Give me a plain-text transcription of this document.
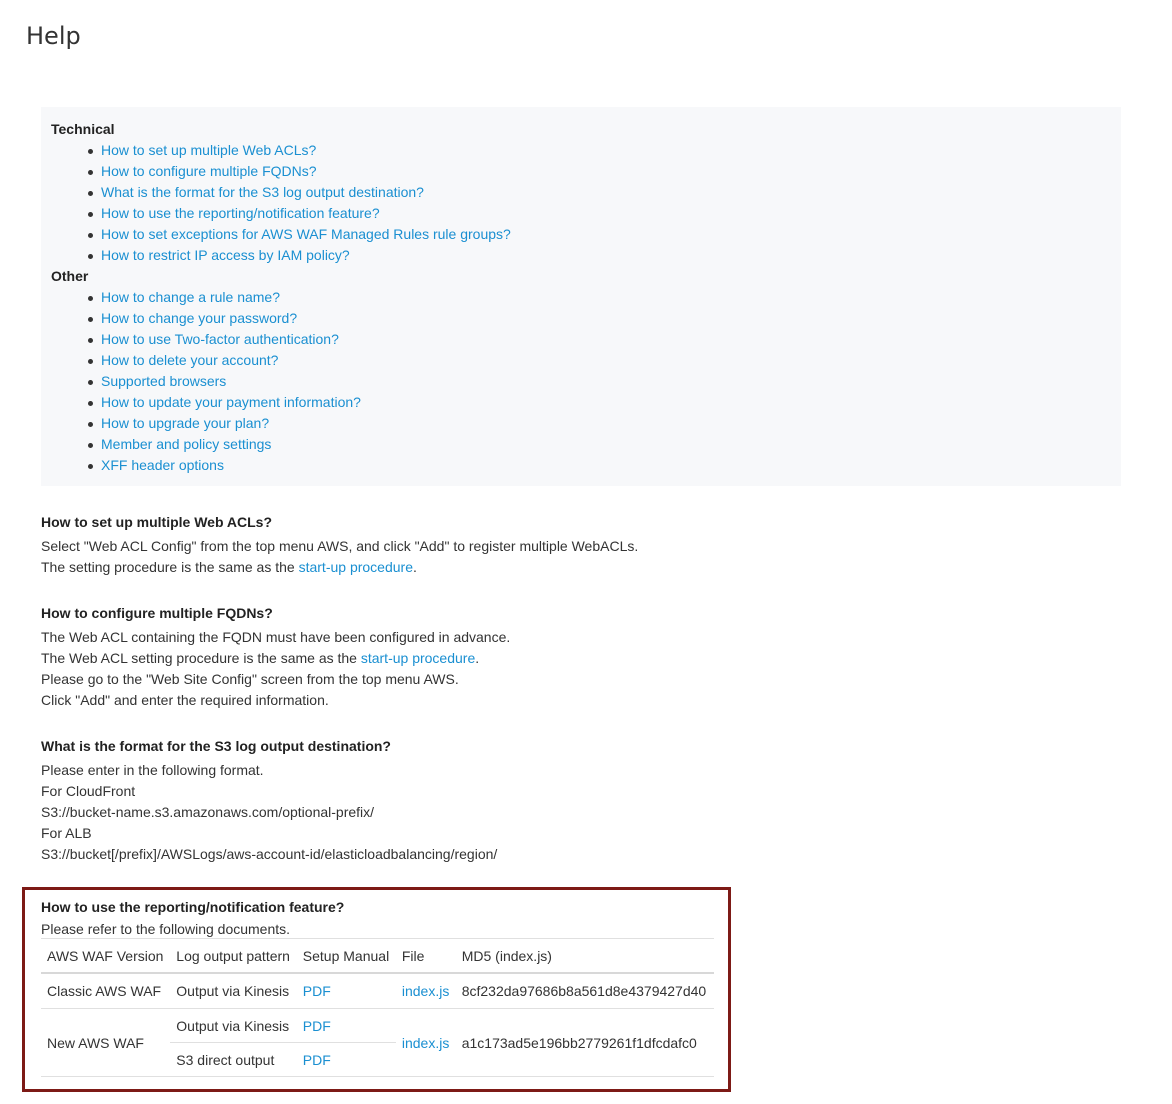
Help
Technical
How to set up multiple Web ACLs?
How to configure multiple FQDNs?
What is the format for the S3 log output destination?
How to use the reporting/notification feature?
How to set exceptions for AWS WAF Managed Rules rule groups?
How to restrict IP access by IAM policy?
Other
How to change a rule name?
How to change your password?
How to use Two-factor authentication?
How to delete your account?
Supported browsers
How to update your payment information?
How to upgrade your plan?
Member and policy settings
XFF header options
How to set up multiple Web ACLs?
Select "Web ACL Config" from the top menu AWS, and click "Add" to register multiple WebACLs.
The setting procedure is the same as the start-up procedure.
How to configure multiple FQDNs?
The Web ACL containing the FQDN must have been configured in advance.
The Web ACL setting procedure is the same as the start-up procedure.
Please go to the "Web Site Config" screen from the top menu AWS.
Click "Add" and enter the required information.
What is the format for the S3 log output destination?
Please enter in the following format.
For CloudFront
S3://bucket-name.s3.amazonaws.com/optional-prefix/
For ALB
S3://bucket[/prefix]/AWSLogs/aws-account-id/elasticloadbalancing/region/
How to use the reporting/notification feature?
Please refer to the following documents.
AWS WAF Version	Log output pattern	Setup Manual	File	MD5 (index.js)
Classic AWS WAF	Output via Kinesis	PDF	index.js	8cf232da97686b8a561d8e4379427d40
New AWS WAF	Output via Kinesis	PDF	index.js	a1c173ad5e196bb2779261f1dfcdafc0
	S3 direct output	PDF		
